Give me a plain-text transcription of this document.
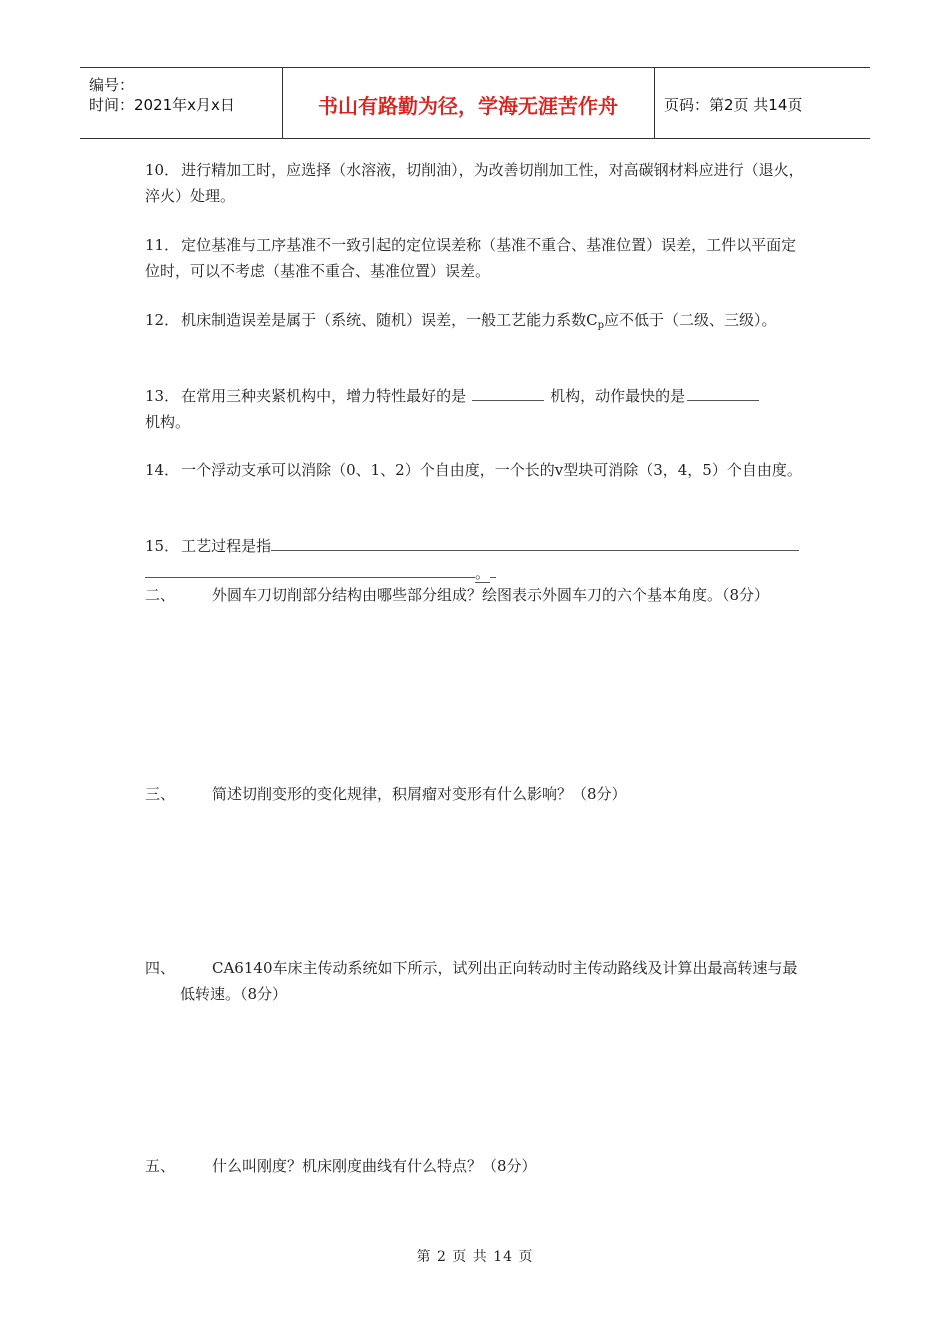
编号：
时间：2021年x月x日	书山有路勤为径，学海无涯苦作舟	页码：第2页 共14页
10． 进行精加工时，应选择（水溶液，切削油），为改善切削加工性，对高碳钢材料应进行（退火，淬火）处理。
11． 定位基准与工序基准不一致引起的定位误差称（基准不重合、基准位置）误差，工件以平面定位时，可以不考虑（基准不重合、基准位置）误差。
12． 机床制造误差是属于（系统、随机）误差，一般工艺能力系数$C_p$应不低于（二级、三级）。
13． 在常用三种夹紧机构中，增力特性最好的是	机构，动作最快的是
机构。
14． 一个浮动支承可以消除（0、1、2）个自由度，一个长的v型块可消除（3，4，5）个自由度。
15． 工艺过程是指
。
二、	外圆车刀切削部分结构由哪些部分组成？绘图表示外圆车刀的六个基本角度。（8分）
三、	简述切削变形的变化规律，积屑瘤对变形有什么影响？（8分）
四、	CA6140车床主传动系统如下所示，试列出正向转动时主传动路线及计算出最高转速与最低转速。（8分）
五、	什么叫刚度？机床刚度曲线有什么特点？（8分）
第 2 页 共 14 页
